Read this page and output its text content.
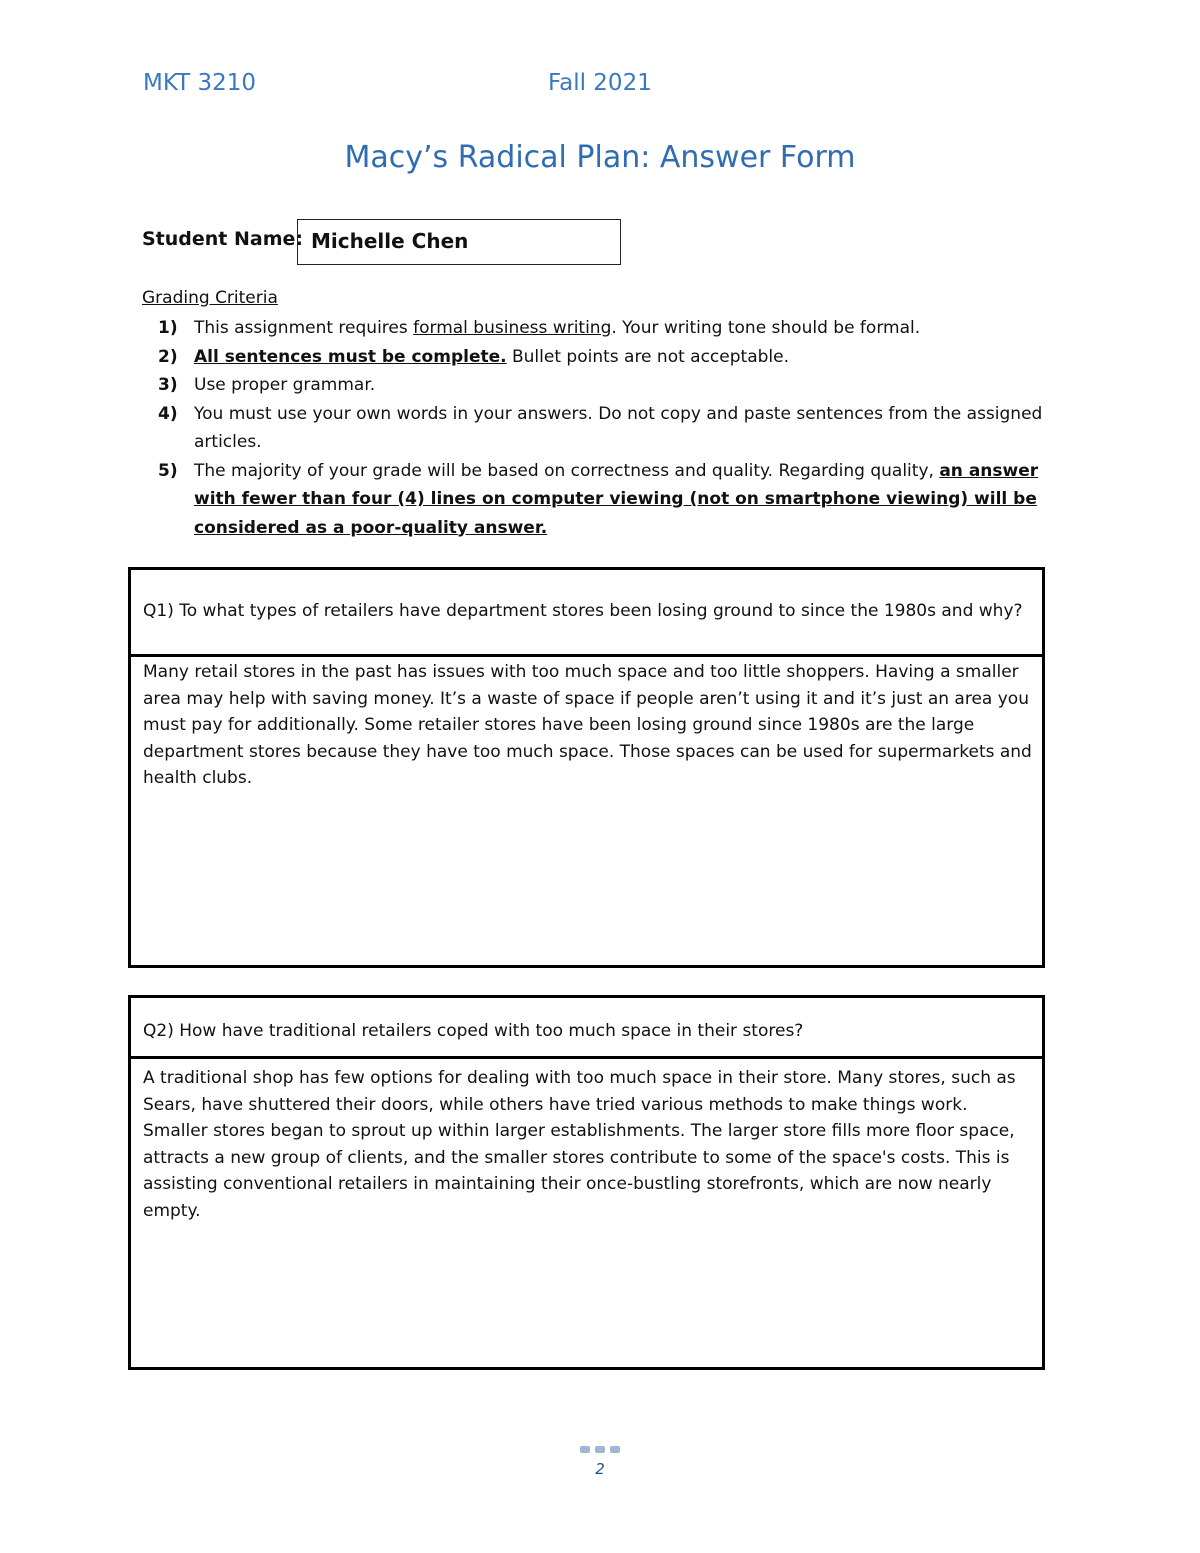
MKT 3210	Fall 2021
Macy’s Radical Plan: Answer Form
Student Name: Michelle Chen
Grading Criteria
1) This assignment requires formal business writing. Your writing tone should be formal.
2) All sentences must be complete. Bullet points are not acceptable.
3) Use proper grammar.
4) You must use your own words in your answers. Do not copy and paste sentences from the assigned articles.
5) The majority of your grade will be based on correctness and quality. Regarding quality, an answer with fewer than four (4) lines on computer viewing (not on smartphone viewing) will be considered as a poor-quality answer.
Q1) To what types of retailers have department stores been losing ground to since the 1980s and why?
Many retail stores in the past has issues with too much space and too little shoppers. Having a smaller area may help with saving money. It’s a waste of space if people aren’t using it and it’s just an area you must pay for additionally. Some retailer stores have been losing ground since 1980s are the large department stores because they have too much space. Those spaces can be used for supermarkets and health clubs.
Q2) How have traditional retailers coped with too much space in their stores?
A traditional shop has few options for dealing with too much space in their store. Many stores, such as Sears, have shuttered their doors, while others have tried various methods to make things work. Smaller stores began to sprout up within larger establishments. The larger store fills more floor space, attracts a new group of clients, and the smaller stores contribute to some of the space's costs. This is assisting conventional retailers in maintaining their once-bustling storefronts, which are now nearly empty.
2
